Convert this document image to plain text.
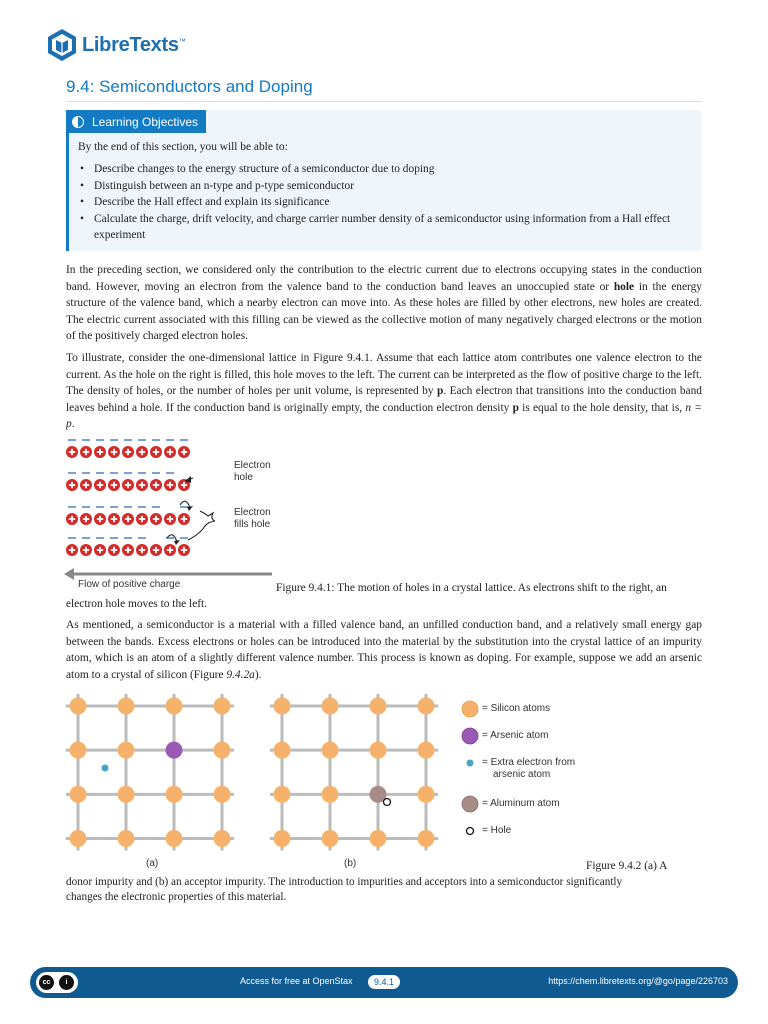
LibreTexts™
9.4: Semiconductors and Doping
Learning Objectives
By the end of this section, you will be able to:
• Describe changes to the energy structure of a semiconductor due to doping
• Distinguish between an n-type and p-type semiconductor
• Describe the Hall effect and explain its significance
• Calculate the charge, drift velocity, and charge carrier number density of a semiconductor using information from a Hall effect experiment

In the preceding section, we considered only the contribution to the electric current due to electrons occupying states in the conduction band. However, moving an electron from the valence band to the conduction band leaves an unoccupied state or hole in the energy structure of the valence band, which a nearby electron can move into. As these holes are filled by other electrons, new holes are created. The electric current associated with this filling can be viewed as the collective motion of many negatively charged electrons or the motion of the positively charged electron holes.

To illustrate, consider the one-dimensional lattice in Figure 9.4.1. Assume that each lattice atom contributes one valence electron to the current. As the hole on the right is filled, this hole moves to the left. The current can be interpreted as the flow of positive charge to the left. The density of holes, or the number of holes per unit volume, is represented by p. Each electron that transitions into the conduction band leaves behind a hole. If the conduction band is originally empty, the conduction electron density p is equal to the hole density, that is, n = p.

Electron
hole
Electron
fills hole
Flow of positive charge	Figure 9.4.1: The motion of holes in a crystal lattice. As electrons shift to the right, an
electron hole moves to the left.

As mentioned, a semiconductor is a material with a filled valence band, an unfilled conduction band, and a relatively small energy gap between the bands. Excess electrons or holes can be introduced into the material by the substitution into the crystal lattice of an impurity atom, which is an atom of a slightly different valence number. This process is known as doping. For example, suppose we add an arsenic atom to a crystal of silicon (Figure 9.4.2a).

(a)	(b)
= Silicon atoms
= Arsenic atom
= Extra electron from
arsenic atom
= Aluminum atom
= Hole
Figure 9.4.2 (a) A
donor impurity and (b) an acceptor impurity. The introduction to impurities and acceptors into a semiconductor significantly
changes the electronic properties of this material.
cc	i	Access for free at OpenStax	9.4.1	https://chem.libretexts.org/@go/page/226703
